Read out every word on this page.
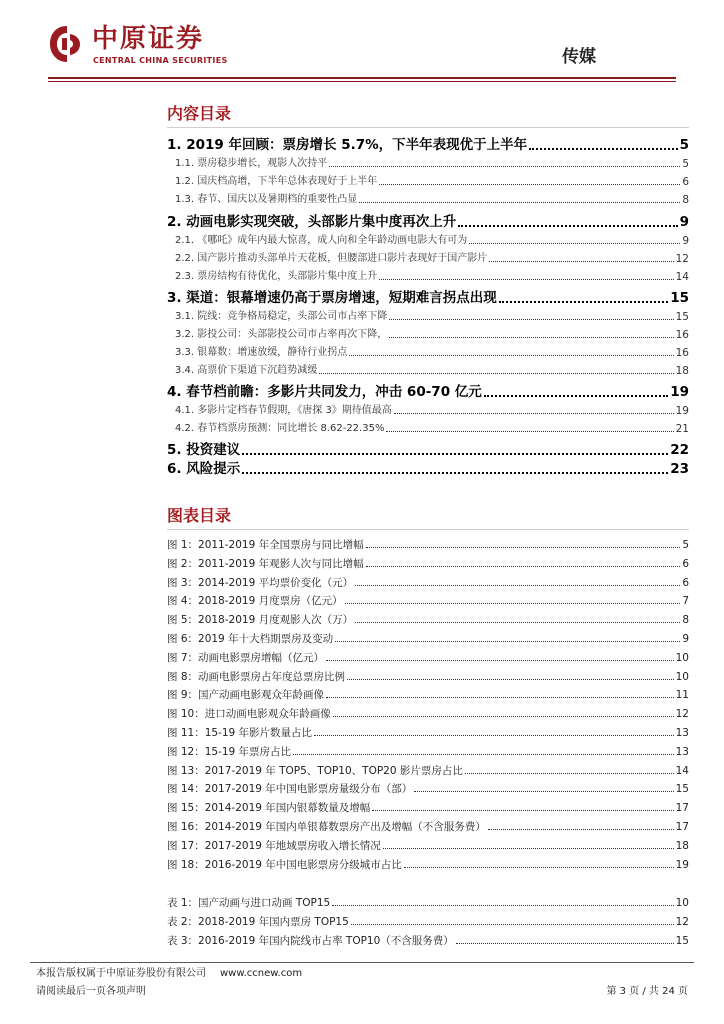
中原证券
CENTRAL CHINA SECURITIES	传媒
内容目录
1. 2019 年回顾：票房增长 5.7%，下半年表现优于上半年	5
1.1. 票房稳步增长，观影人次持平	5
1.2. 国庆档高增，下半年总体表现好于上半年	6
1.3. 春节、国庆以及暑期档的重要性凸显	8
2. 动画电影实现突破，头部影片集中度再次上升	9
2.1. 《哪吒》成年内最大惊喜，成人向和全年龄动画电影大有可为	9
2.2. 国产影片推动头部单片天花板，但腰部进口影片表现好于国产影片	12
2.3. 票房结构有待优化，头部影片集中度上升	14
3. 渠道：银幕增速仍高于票房增速，短期难言拐点出现	15
3.1. 院线：竞争格局稳定，头部公司市占率下降	15
3.2. 影投公司：头部影投公司市占率再次下降，	16
3.3. 银幕数：增速放缓，静待行业拐点	16
3.4. 高票价下渠道下沉趋势减缓	18
4. 春节档前瞻：多影片共同发力，冲击 60-70 亿元	19
4.1. 多影片定档春节假期，《唐探 3》期待值最高	19
4.2. 春节档票房预测：同比增长 8.62-22.35%	21
5. 投资建议	22
6. 风险提示	23
图表目录
图 1：2011-2019 年全国票房与同比增幅	5
图 2：2011-2019 年观影人次与同比增幅	6
图 3：2014-2019 平均票价变化（元）	6
图 4：2018-2019 月度票房（亿元）	7
图 5：2018-2019 月度观影人次（万）	8
图 6：2019 年十大档期票房及变动	9
图 7：动画电影票房增幅（亿元）	10
图 8：动画电影票房占年度总票房比例	10
图 9：国产动画电影观众年龄画像	11
图 10：进口动画电影观众年龄画像	12
图 11：15-19 年影片数量占比	13
图 12：15-19 年票房占比	13
图 13：2017-2019 年 TOP5、TOP10、TOP20 影片票房占比	14
图 14：2017-2019 年中国电影票房量级分布（部）	15
图 15：2014-2019 年国内银幕数量及增幅	17
图 16：2014-2019 年国内单银幕数票房产出及增幅（不含服务费）	17
图 17：2017-2019 年地域票房收入增长情况	18
图 18：2016-2019 年中国电影票房分级城市占比	19
表 1：国产动画与进口动画 TOP15	10
表 2：2018-2019 年国内票房 TOP15	12
表 3：2016-2019 年国内院线市占率 TOP10（不含服务费）	15
本报告版权属于中原证券股份有限公司 www.ccnew.com
请阅读最后一页各项声明	第 3 页 / 共 24 页
